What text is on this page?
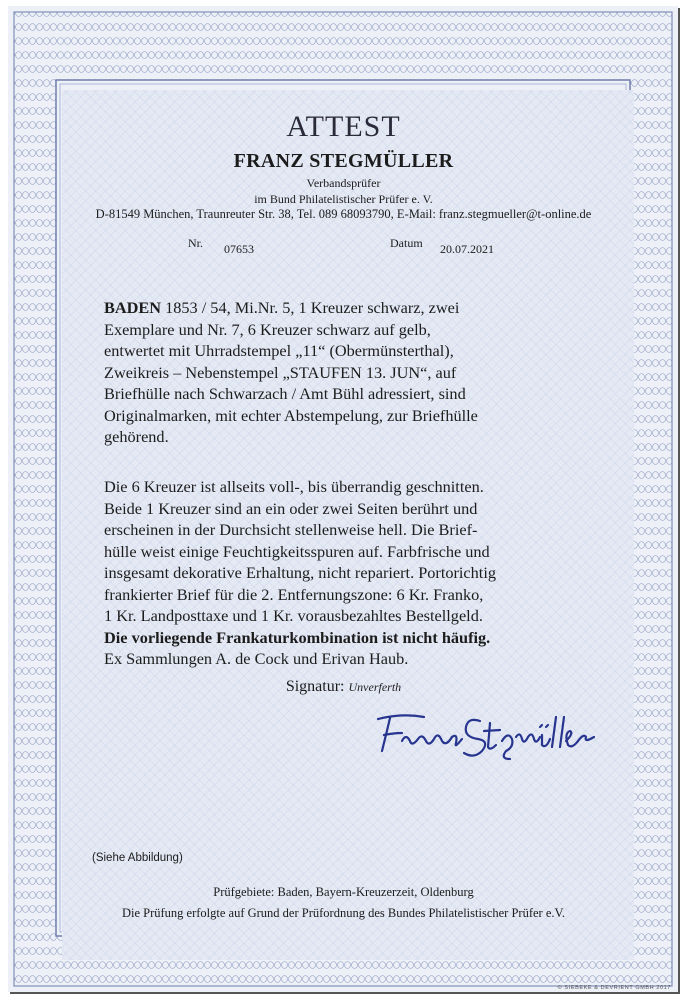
ATTEST
FRANZ STEGMÜLLER
Verbandsprüfer
im Bund Philatelistischer Prüfer e. V.
D-81549 München, Traunreuter Str. 38, Tel. 089 68093790, E-Mail: franz.stegmueller@t-online.de
Nr. 07653	Datum 20.07.2021
BADEN 1853 / 54, Mi.Nr. 5, 1 Kreuzer schwarz, zwei
Exemplare und Nr. 7, 6 Kreuzer schwarz auf gelb,
entwertet mit Uhrradstempel „11“ (Obermünsterthal),
Zweikreis – Nebenstempel „STAUFEN 13. JUN“, auf
Briefhülle nach Schwarzach / Amt Bühl adressiert, sind
Originalmarken, mit echter Abstempelung, zur Briefhülle
gehörend.
Die 6 Kreuzer ist allseits voll-, bis überrandig geschnitten.
Beide 1 Kreuzer sind an ein oder zwei Seiten berührt und
erscheinen in der Durchsicht stellenweise hell. Die Brief-
hülle weist einige Feuchtigkeitsspuren auf. Farbfrische und
insgesamt dekorative Erhaltung, nicht repariert. Portorichtig
frankierter Brief für die 2. Entfernungszone: 6 Kr. Franko,
1 Kr. Landposttaxe und 1 Kr. vorausbezahltes Bestellgeld.
Die vorliegende Frankaturkombination ist nicht häufig.
Ex Sammlungen A. de Cock und Erivan Haub.
Signatur: Unverferth
(Siehe Abbildung)
Prüfgebiete: Baden, Bayern-Kreuzerzeit, Oldenburg
Die Prüfung erfolgte auf Grund der Prüfordnung des Bundes Philatelistischer Prüfer e.V.
© SIEBEKE & DEVRIENT GMBH 2017
